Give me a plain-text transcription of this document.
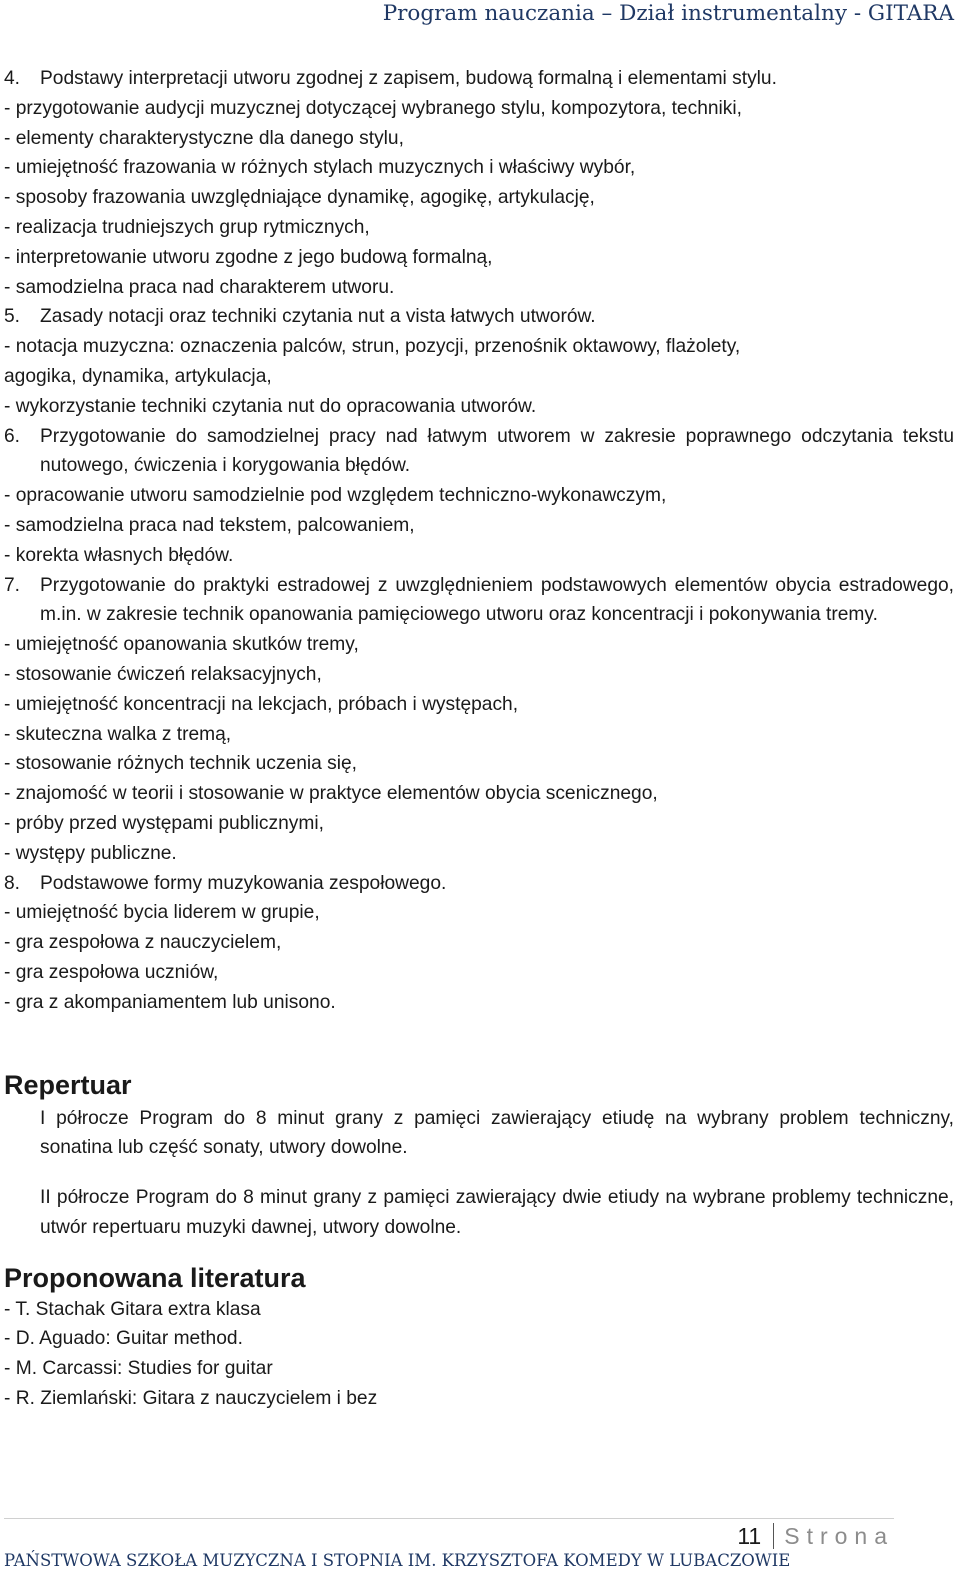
Program nauczania – Dział instrumentalny - GITARA
4.	Podstawy interpretacji utworu zgodnej z zapisem, budową formalną i elementami stylu.
- przygotowanie audycji muzycznej dotyczącej wybranego stylu, kompozytora, techniki,
- elementy charakterystyczne dla danego stylu,
- umiejętność frazowania w różnych stylach muzycznych i właściwy wybór,
- sposoby frazowania uwzględniające dynamikę, agogikę, artykulację,
- realizacja trudniejszych grup rytmicznych,
- interpretowanie utworu zgodne z jego budową formalną,
- samodzielna praca nad charakterem utworu.
5.	Zasady notacji oraz techniki czytania nut a vista łatwych utworów.
- notacja muzyczna: oznaczenia palców, strun, pozycji, przenośnik oktawowy, flażolety,
agogika, dynamika, artykulacja,
- wykorzystanie techniki czytania nut do opracowania utworów.
6.	Przygotowanie do samodzielnej pracy nad łatwym utworem w zakresie poprawnego odczytania tekstu nutowego, ćwiczenia i korygowania błędów.
- opracowanie utworu samodzielnie pod względem techniczno-wykonawczym,
- samodzielna praca nad tekstem, palcowaniem,
- korekta własnych błędów.
7.	Przygotowanie do praktyki estradowej z uwzględnieniem podstawowych elementów obycia estradowego, m.in. w zakresie technik opanowania pamięciowego utworu oraz koncentracji i pokonywania tremy.
- umiejętność opanowania skutków tremy,
- stosowanie ćwiczeń relaksacyjnych,
- umiejętność koncentracji na lekcjach, próbach i występach,
- skuteczna walka z tremą,
- stosowanie różnych technik uczenia się,
- znajomość w teorii i stosowanie w praktyce elementów obycia scenicznego,
- próby przed występami publicznymi,
- występy publiczne.
8.	Podstawowe formy muzykowania zespołowego.
- umiejętność bycia liderem w grupie,
- gra zespołowa z nauczycielem,
- gra zespołowa uczniów,
- gra z akompaniamentem lub unisono.
Repertuar
I półrocze Program do 8 minut grany z pamięci zawierający etiudę na wybrany problem techniczny, sonatina lub część sonaty, utwory dowolne.
II półrocze Program do 8 minut grany z pamięci zawierający dwie etiudy na wybrane problemy techniczne, utwór repertuaru muzyki dawnej, utwory dowolne.
Proponowana literatura
- T. Stachak Gitara extra klasa
- D. Aguado: Guitar method.
- M. Carcassi: Studies for guitar
- R. Ziemlański: Gitara z nauczycielem i bez
11 Strona
PAŃSTWOWA SZKOŁA MUZYCZNA I STOPNIA IM. KRZYSZTOFA KOMEDY W LUBACZOWIE
